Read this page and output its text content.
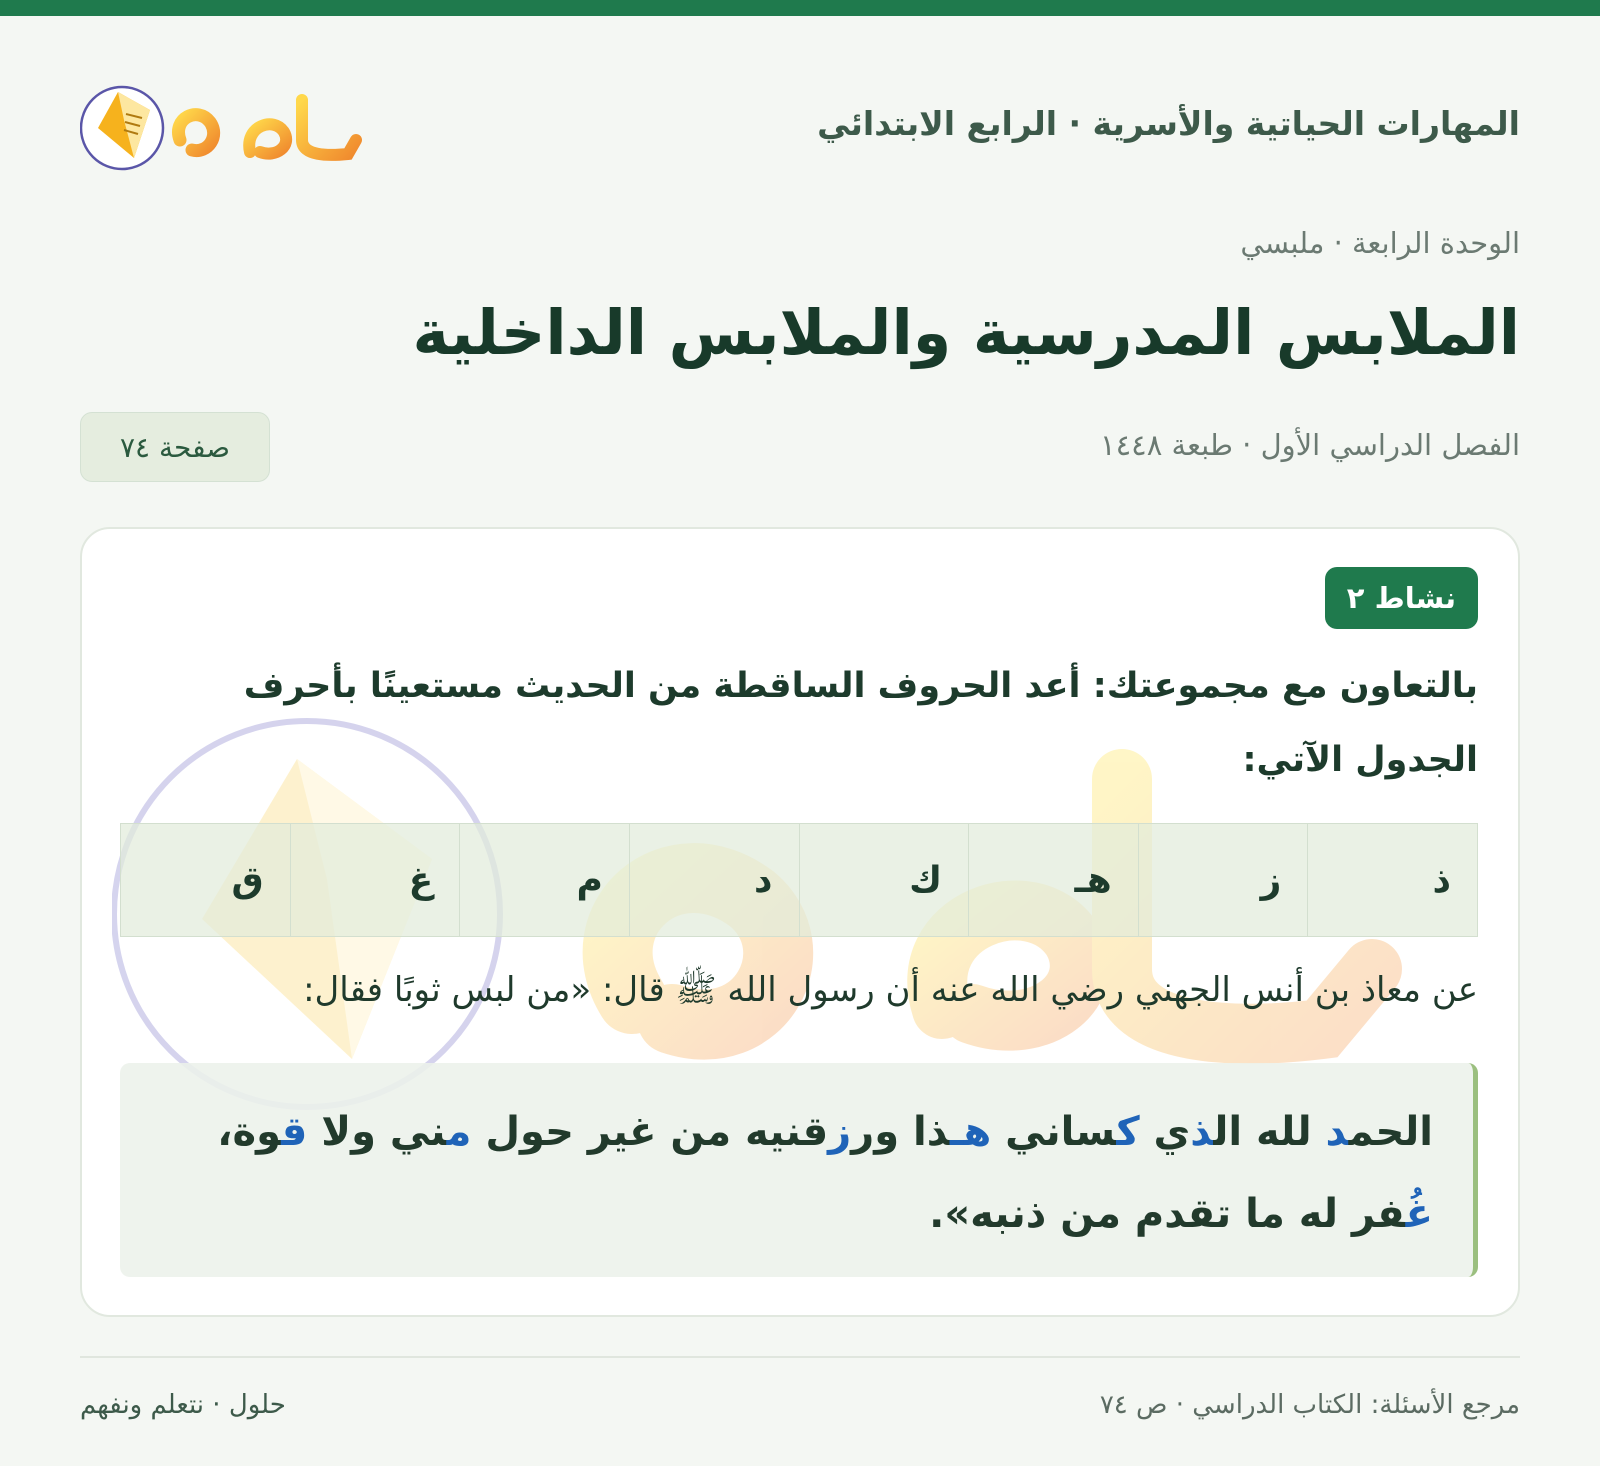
المهارات الحياتية والأسرية · الرابع الابتدائي
الوحدة الرابعة · ملبسي
الملابس المدرسية والملابس الداخلية
الفصل الدراسي الأول · طبعة ١٤٤٨
صفحة ٧٤
نشاط ٢
بالتعاون مع مجموعتك: أعد الحروف الساقطة من الحديث مستعينًا بأحرف الجدول الآتي:
ذ	ز	هـ	ك	د	م	غ	ق
عن معاذ بن أنس الجهني رضي الله عنه أن رسول الله ﷺ قال: «من لبس ثوبًا فقال:
الحمد لله الذي كساني هـذا ورزقنيه من غير حول مني ولا قوة،
غُفر له ما تقدم من ذنبه».
مرجع الأسئلة: الكتاب الدراسي · ص ٧٤
حلول · نتعلم ونفهم
